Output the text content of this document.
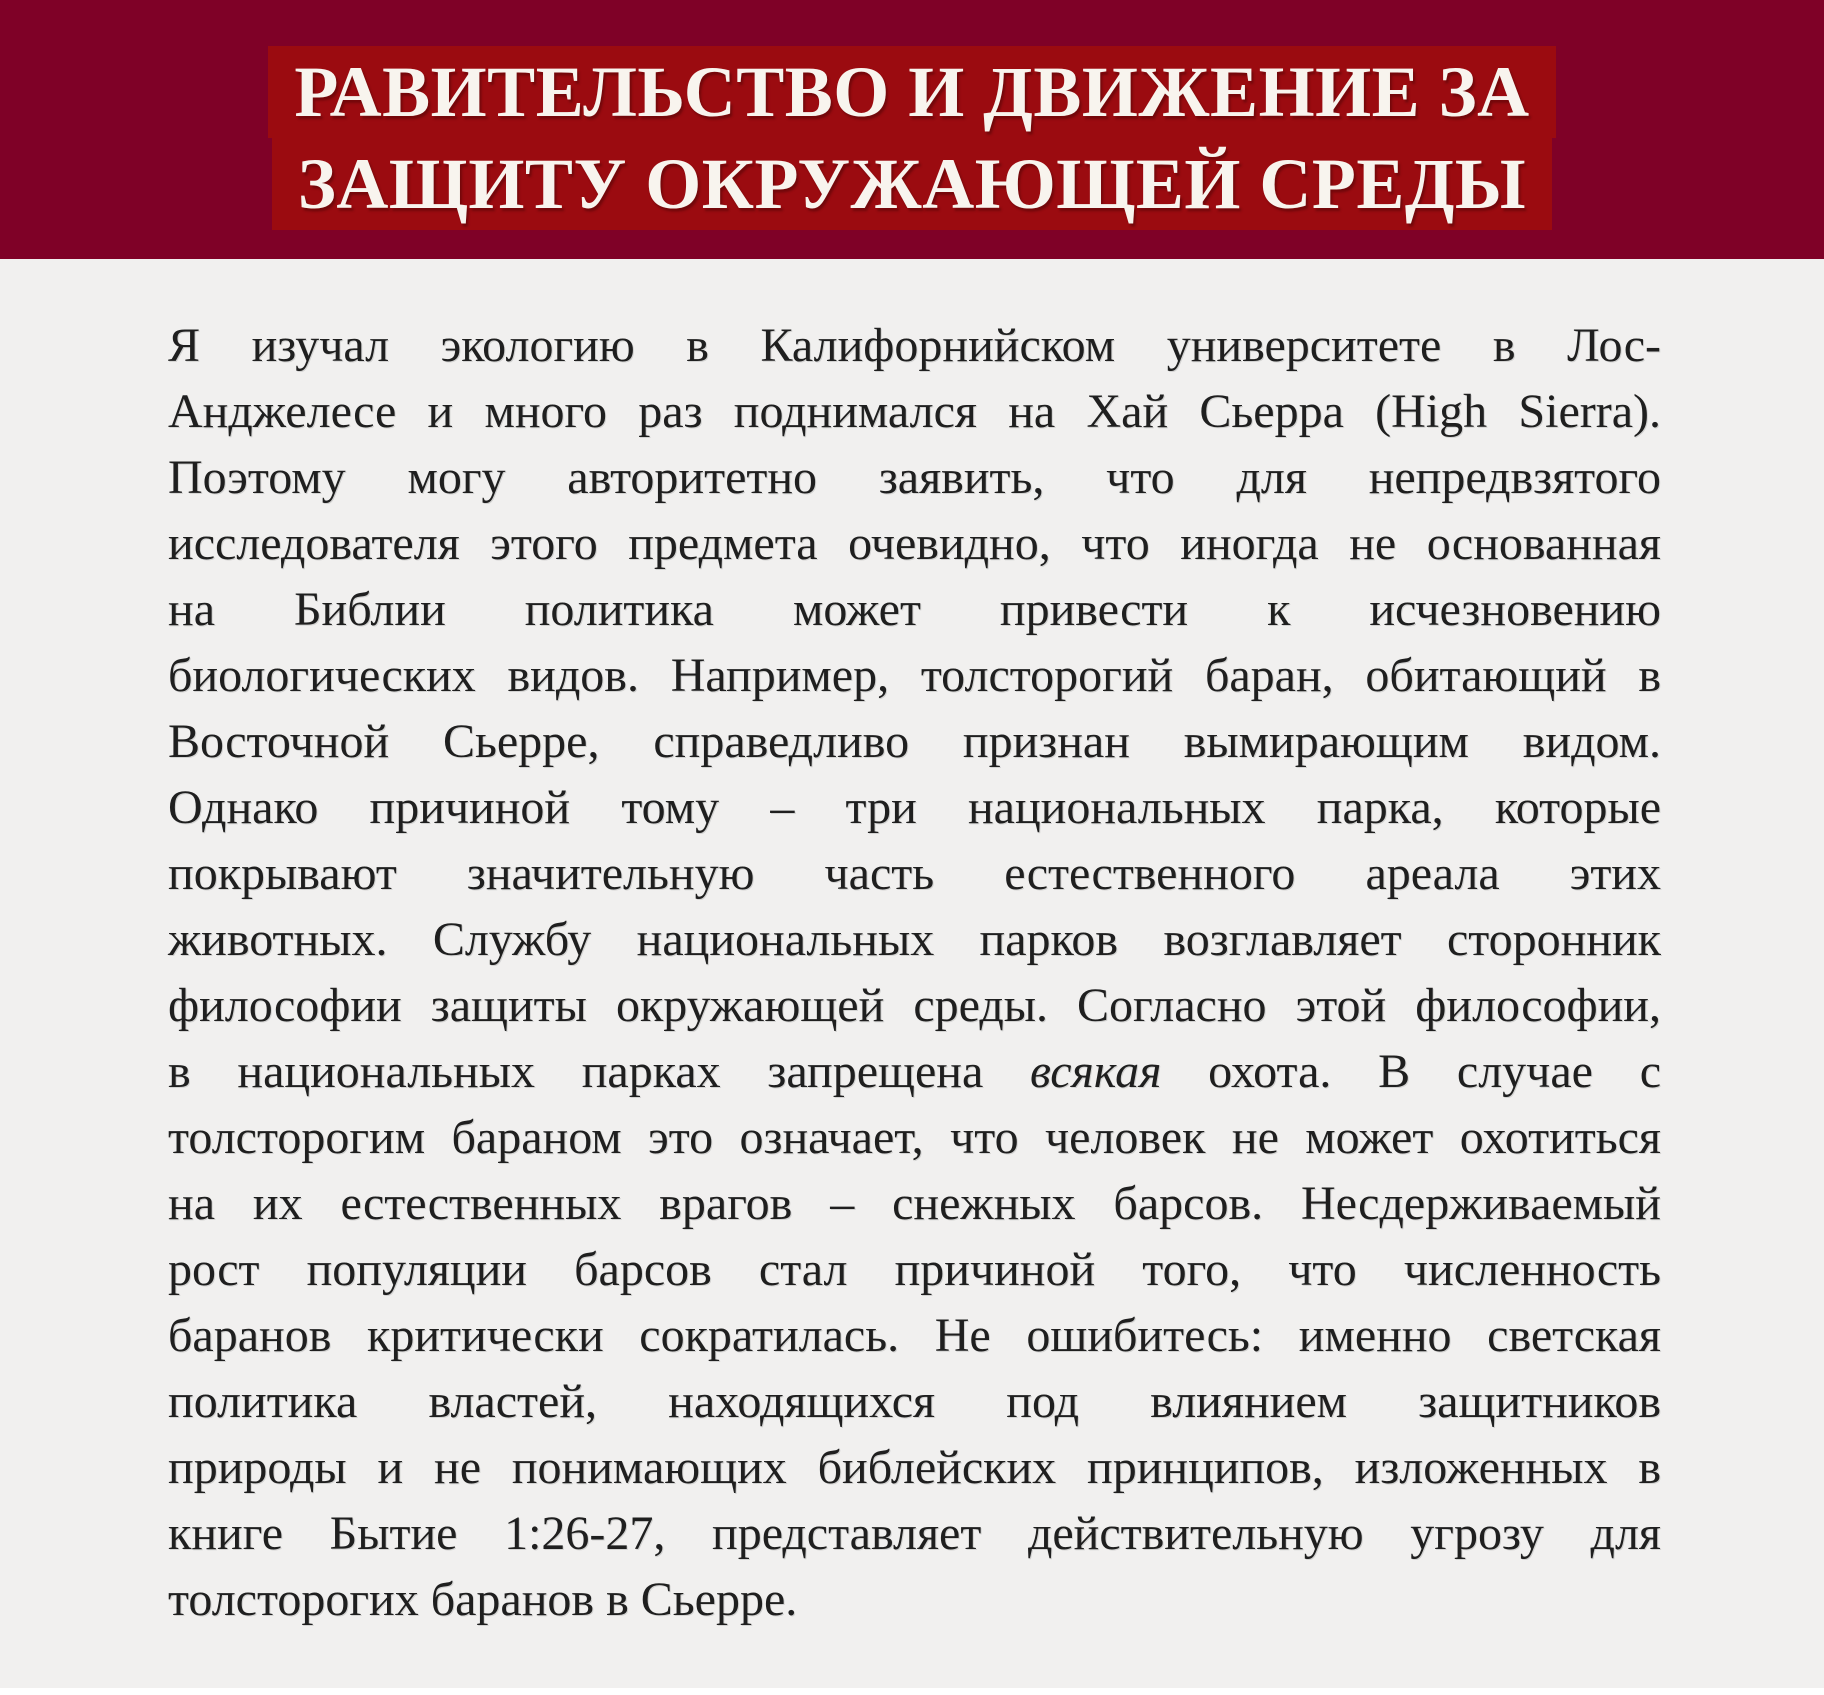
РАВИТЕЛЬСТВО И ДВИЖЕНИЕ ЗА
ЗАЩИТУ ОКРУЖАЮЩЕЙ СРЕДЫ
Я изучал экологию в Калифорнийском университете в Лос-
Анджелесе и много раз поднимался на Хай Сьерра (High Sierra).
Поэтому могу авторитетно заявить, что для непредвзятого
исследователя этого предмета очевидно, что иногда не основанная
на Библии политика может привести к исчезновению
биологических видов. Например, толсторогий баран, обитающий в
Восточной Сьерре, справедливо признан вымирающим видом.
Однако причиной тому – три национальных парка, которые
покрывают значительную часть естественного ареала этих
животных. Службу национальных парков возглавляет сторонник
философии защиты окружающей среды. Согласно этой философии,
в национальных парках запрещена всякая охота. В случае с
толсторогим бараном это означает, что человек не может охотиться
на их естественных врагов – снежных барсов. Несдерживаемый
рост популяции барсов стал причиной того, что численность
баранов критически сократилась. Не ошибитесь: именно светская
политика властей, находящихся под влиянием защитников
природы и не понимающих библейских принципов, изложенных в
книге Бытие 1:26-27, представляет действительную угрозу для
толсторогих баранов в Сьерре.
